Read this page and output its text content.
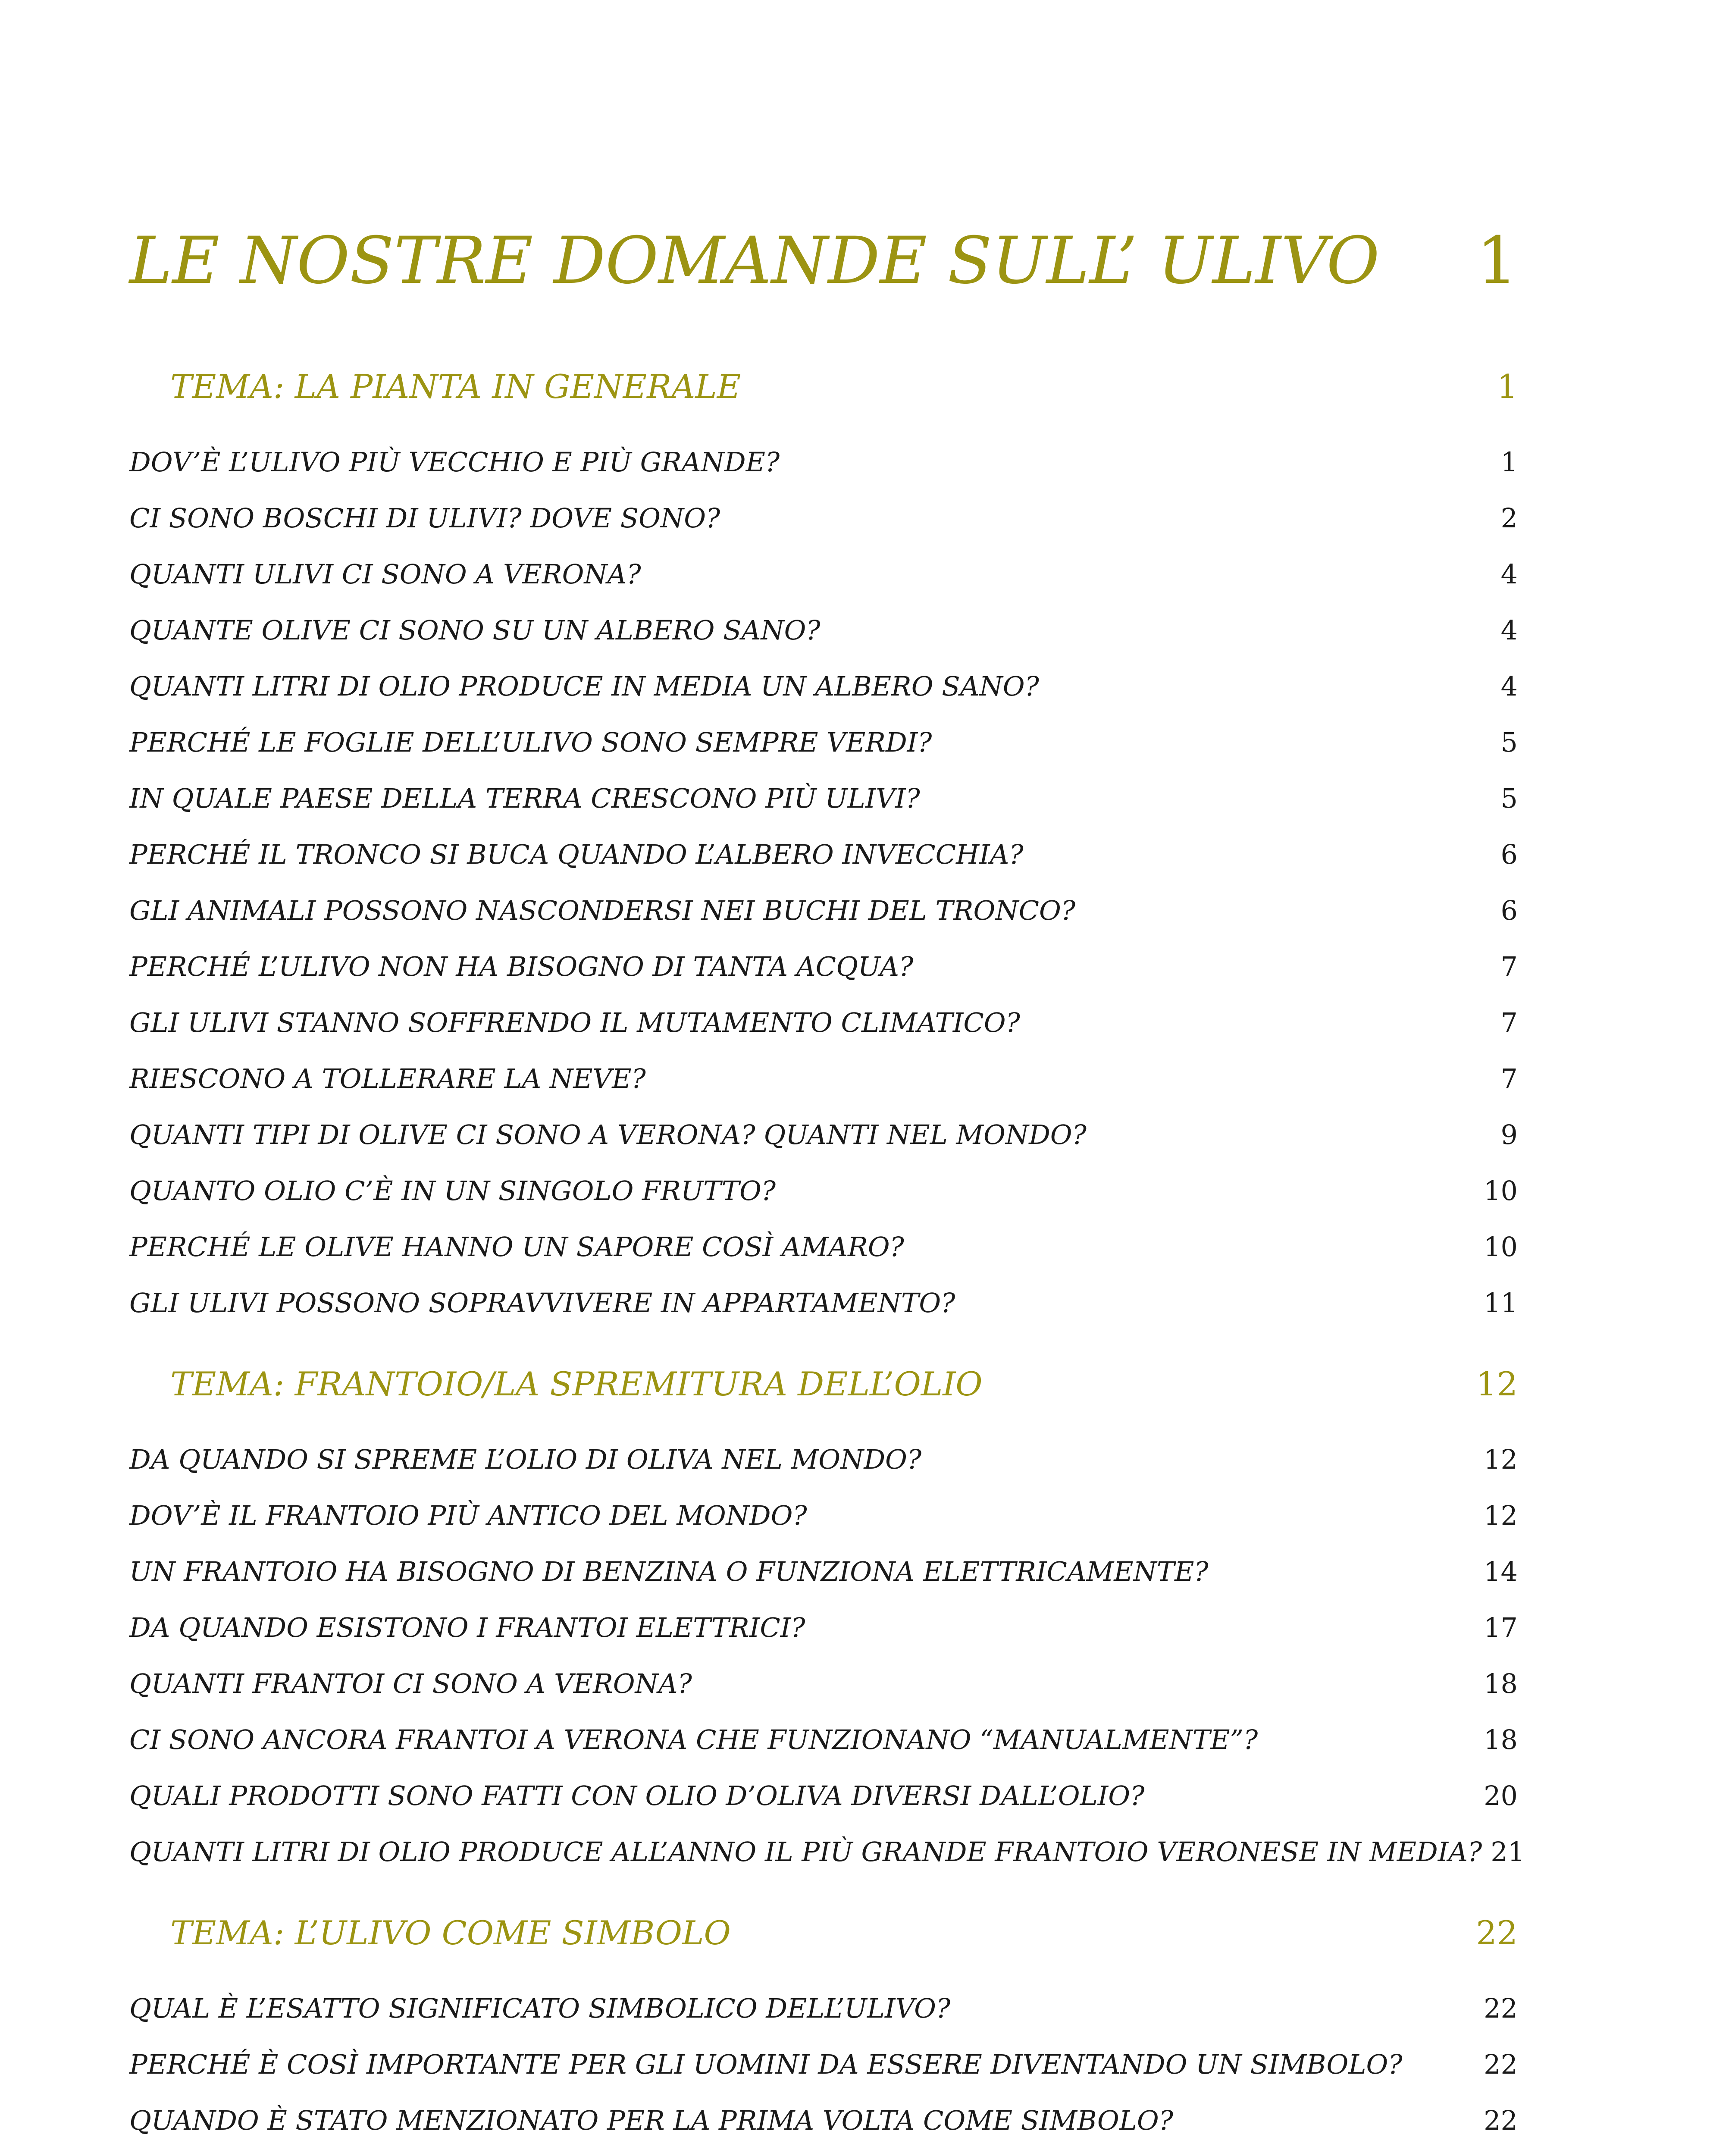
LE NOSTRE DOMANDE SULL’ ULIVO 1
TEMA: LA PIANTA IN GENERALE	1
DOV’È L’ULIVO PIÙ VECCHIO E PIÙ GRANDE?	1
CI SONO BOSCHI DI ULIVI? DOVE SONO?	2
QUANTI ULIVI CI SONO A VERONA?	4
QUANTE OLIVE CI SONO SU UN ALBERO SANO?	4
QUANTI LITRI DI OLIO PRODUCE IN MEDIA UN ALBERO SANO?	4
PERCHÉ LE FOGLIE DELL’ULIVO SONO SEMPRE VERDI?	5
IN QUALE PAESE DELLA TERRA CRESCONO PIÙ ULIVI?	5
PERCHÉ IL TRONCO SI BUCA QUANDO L’ALBERO INVECCHIA?	6
GLI ANIMALI POSSONO NASCONDERSI NEI BUCHI DEL TRONCO?	6
PERCHÉ L’ULIVO NON HA BISOGNO DI TANTA ACQUA?	7
GLI ULIVI STANNO SOFFRENDO IL MUTAMENTO CLIMATICO?	7
RIESCONO A TOLLERARE LA NEVE?	7
QUANTI TIPI DI OLIVE CI SONO A VERONA? QUANTI NEL MONDO?	9
QUANTO OLIO C’È IN UN SINGOLO FRUTTO?	10
PERCHÉ LE OLIVE HANNO UN SAPORE COSÌ AMARO?	10
GLI ULIVI POSSONO SOPRAVVIVERE IN APPARTAMENTO?	11
TEMA: FRANTOIO/LA SPREMITURA DELL’OLIO	12
DA QUANDO SI SPREME L’OLIO DI OLIVA NEL MONDO?	12
DOV’È IL FRANTOIO PIÙ ANTICO DEL MONDO?	12
UN FRANTOIO HA BISOGNO DI BENZINA O FUNZIONA ELETTRICAMENTE?	14
DA QUANDO ESISTONO I FRANTOI ELETTRICI?	17
QUANTI FRANTOI CI SONO A VERONA?	18
CI SONO ANCORA FRANTOI A VERONA CHE FUNZIONANO “MANUALMENTE”?	18
QUALI PRODOTTI SONO FATTI CON OLIO D’OLIVA DIVERSI DALL’OLIO?	20
QUANTI LITRI DI OLIO PRODUCE ALL’ANNO IL PIÙ GRANDE FRANTOIO VERONESE IN MEDIA? 21
TEMA: L’ULIVO COME SIMBOLO	22
QUAL È L’ESATTO SIGNIFICATO SIMBOLICO DELL’ULIVO?	22
PERCHÉ È COSÌ IMPORTANTE PER GLI UOMINI DA ESSERE DIVENTANDO UN SIMBOLO?	22
QUANDO È STATO MENZIONATO PER LA PRIMA VOLTA COME SIMBOLO?	22
